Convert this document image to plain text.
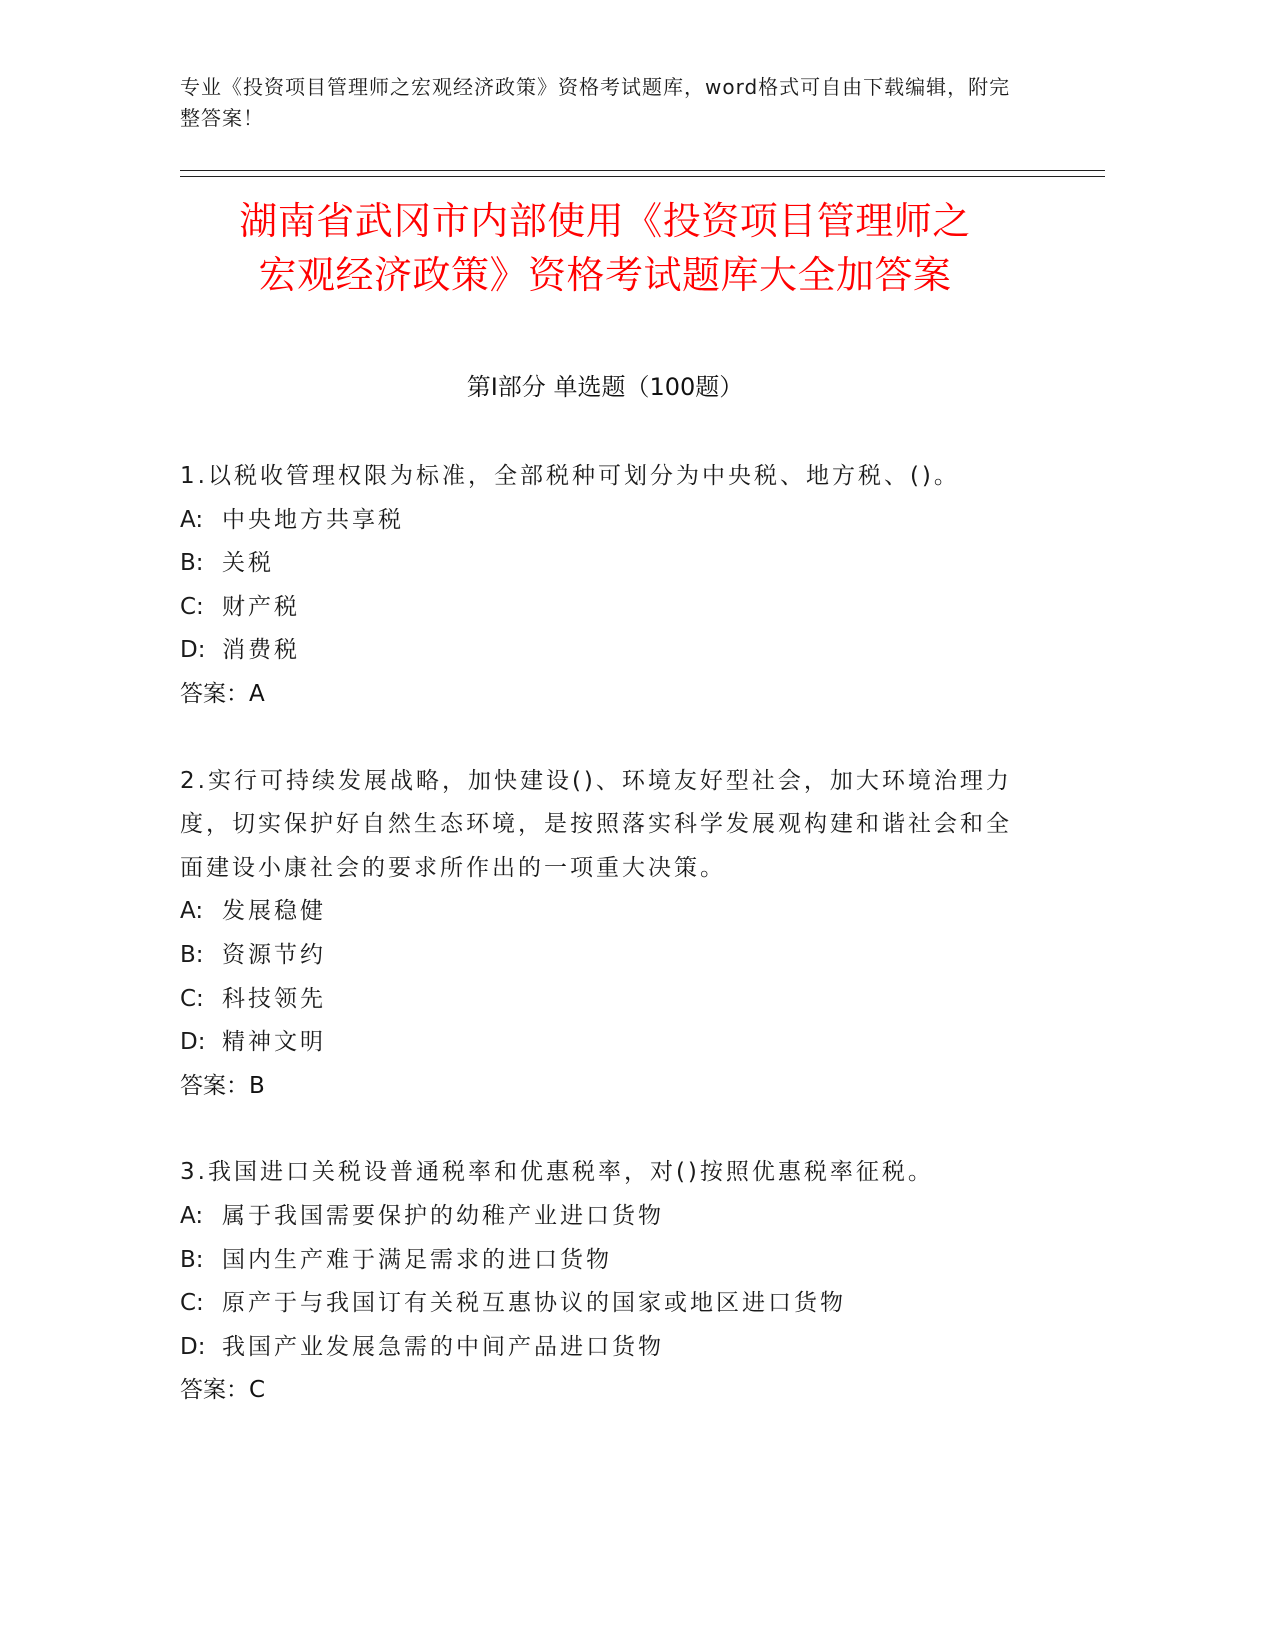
专业《投资项目管理师之宏观经济政策》资格考试题库，word格式可自由下载编辑，附完整答案！
湖南省武冈市内部使用《投资项目管理师之
宏观经济政策》资格考试题库大全加答案
第Ⅰ部分 单选题（100题）
1.以税收管理权限为标准，全部税种可划分为中央税、地方税、()。
A: 中央地方共享税
B: 关税
C: 财产税
D: 消费税
答案：A
2.实行可持续发展战略，加快建设()、环境友好型社会，加大环境治理力度，切实保护好自然生态环境，是按照落实科学发展观构建和谐社会和全面建设小康社会的要求所作出的一项重大决策。
A: 发展稳健
B: 资源节约
C: 科技领先
D: 精神文明
答案：B
3.我国进口关税设普通税率和优惠税率，对()按照优惠税率征税。
A: 属于我国需要保护的幼稚产业进口货物
B: 国内生产难于满足需求的进口货物
C: 原产于与我国订有关税互惠协议的国家或地区进口货物
D: 我国产业发展急需的中间产品进口货物
答案：C
